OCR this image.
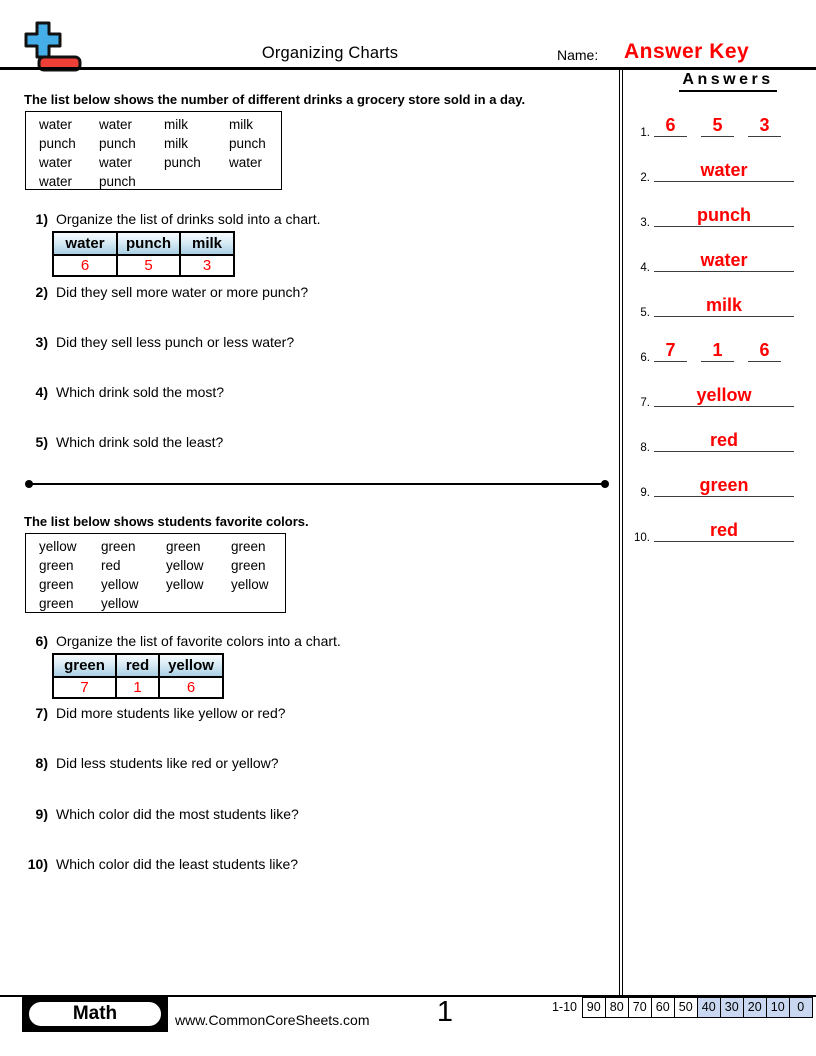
Organizing Charts	Name: Answer Key
The list below shows the number of different drinks a grocery store sold in a day.
water	water	milk	milk
punch	punch	milk	punch
water	water	punch	water
water	punch
1) Organize the list of drinks sold into a chart.
water	punch	milk
6	5	3
2) Did they sell more water or more punch?
3) Did they sell less punch or less water?
4) Which drink sold the most?
5) Which drink sold the least?
The list below shows students favorite colors.
yellow	green	green	green
green	red	yellow	green
green	yellow	yellow	yellow
green	yellow
6) Organize the list of favorite colors into a chart.
green	red	yellow
7	1	6
7) Did more students like yellow or red?
8) Did less students like red or yellow?
9) Which color did the most students like?
10) Which color did the least students like?
Answers
1. 6 5 3
2.	water
3.	punch
4.	water
5.	milk
6. 7 1 6
7.	yellow
8.	red
9.	green
10.	red
Math	www.CommonCoreSheets.com	1	1-10 90 80 70 60 50 40 30 20 10	0
